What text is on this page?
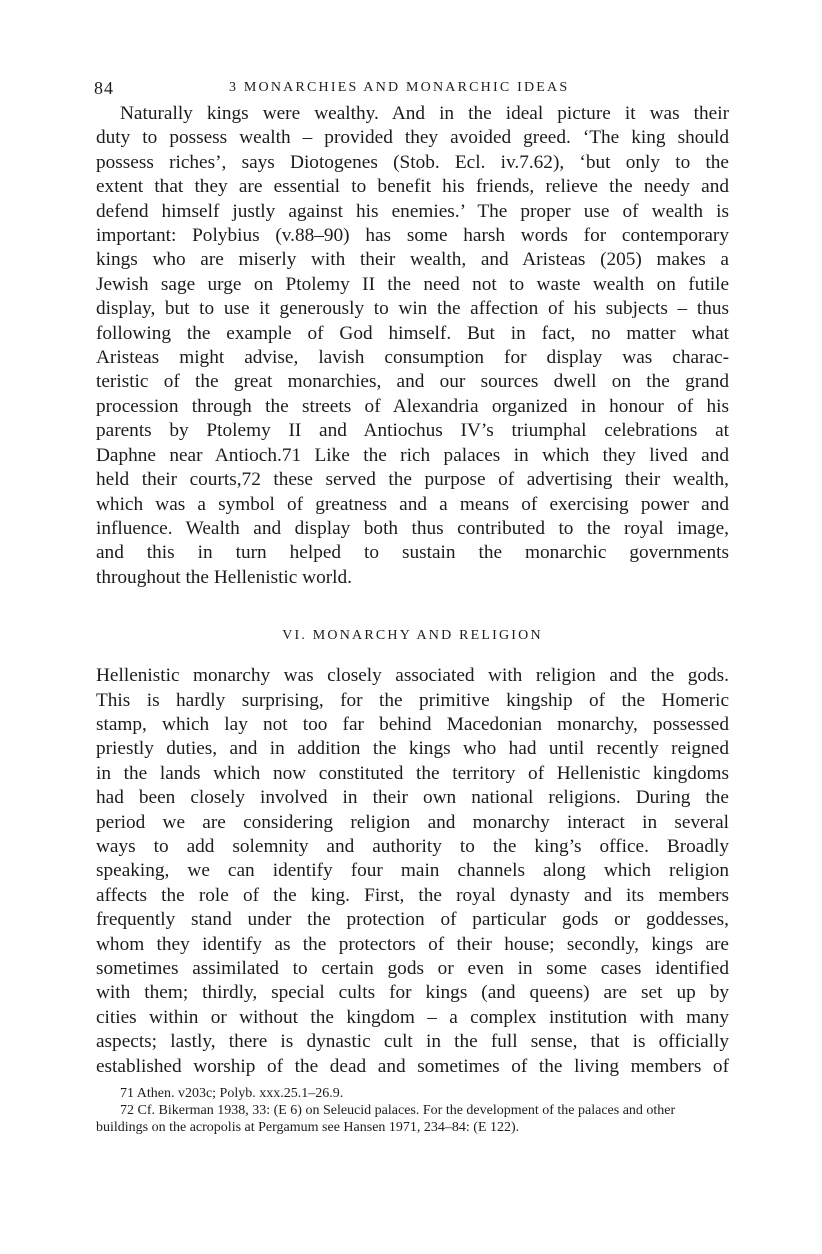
84	3 MONARCHIES AND MONARCHIC IDEAS

Naturally kings were wealthy. And in the ideal picture it was their
duty to possess wealth – provided they avoided greed. ‘The king should
possess riches’, says Diotogenes (Stob. Ecl. iv.7.62), ‘but only to the
extent that they are essential to benefit his friends, relieve the needy and
defend himself justly against his enemies.’ The proper use of wealth is
important: Polybius (v.88–90) has some harsh words for contemporary
kings who are miserly with their wealth, and Aristeas (205) makes a
Jewish sage urge on Ptolemy II the need not to waste wealth on futile
display, but to use it generously to win the affection of his subjects – thus
following the example of God himself. But in fact, no matter what
Aristeas might advise, lavish consumption for display was charac-
teristic of the great monarchies, and our sources dwell on the grand
procession through the streets of Alexandria organized in honour of his
parents by Ptolemy II and Antiochus IV’s triumphal celebrations at
Daphne near Antioch.71 Like the rich palaces in which they lived and
held their courts,72 these served the purpose of advertising their wealth,
which was a symbol of greatness and a means of exercising power and
influence. Wealth and display both thus contributed to the royal image,
and this in turn helped to sustain the monarchic governments
throughout the Hellenistic world.

VI. MONARCHY AND RELIGION

Hellenistic monarchy was closely associated with religion and the gods.
This is hardly surprising, for the primitive kingship of the Homeric
stamp, which lay not too far behind Macedonian monarchy, possessed
priestly duties, and in addition the kings who had until recently reigned
in the lands which now constituted the territory of Hellenistic kingdoms
had been closely involved in their own national religions. During the
period we are considering religion and monarchy interact in several
ways to add solemnity and authority to the king’s office. Broadly
speaking, we can identify four main channels along which religion
affects the role of the king. First, the royal dynasty and its members
frequently stand under the protection of particular gods or goddesses,
whom they identify as the protectors of their house; secondly, kings are
sometimes assimilated to certain gods or even in some cases identified
with them; thirdly, special cults for kings (and queens) are set up by
cities within or without the kingdom – a complex institution with many
aspects; lastly, there is dynastic cult in the full sense, that is officially
established worship of the dead and sometimes of the living members of

71 Athen. v203c; Polyb. xxx.25.1–26.9.
72 Cf. Bikerman 1938, 33: (E 6) on Seleucid palaces. For the development of the palaces and other
buildings on the acropolis at Pergamum see Hansen 1971, 234–84: (E 122).
